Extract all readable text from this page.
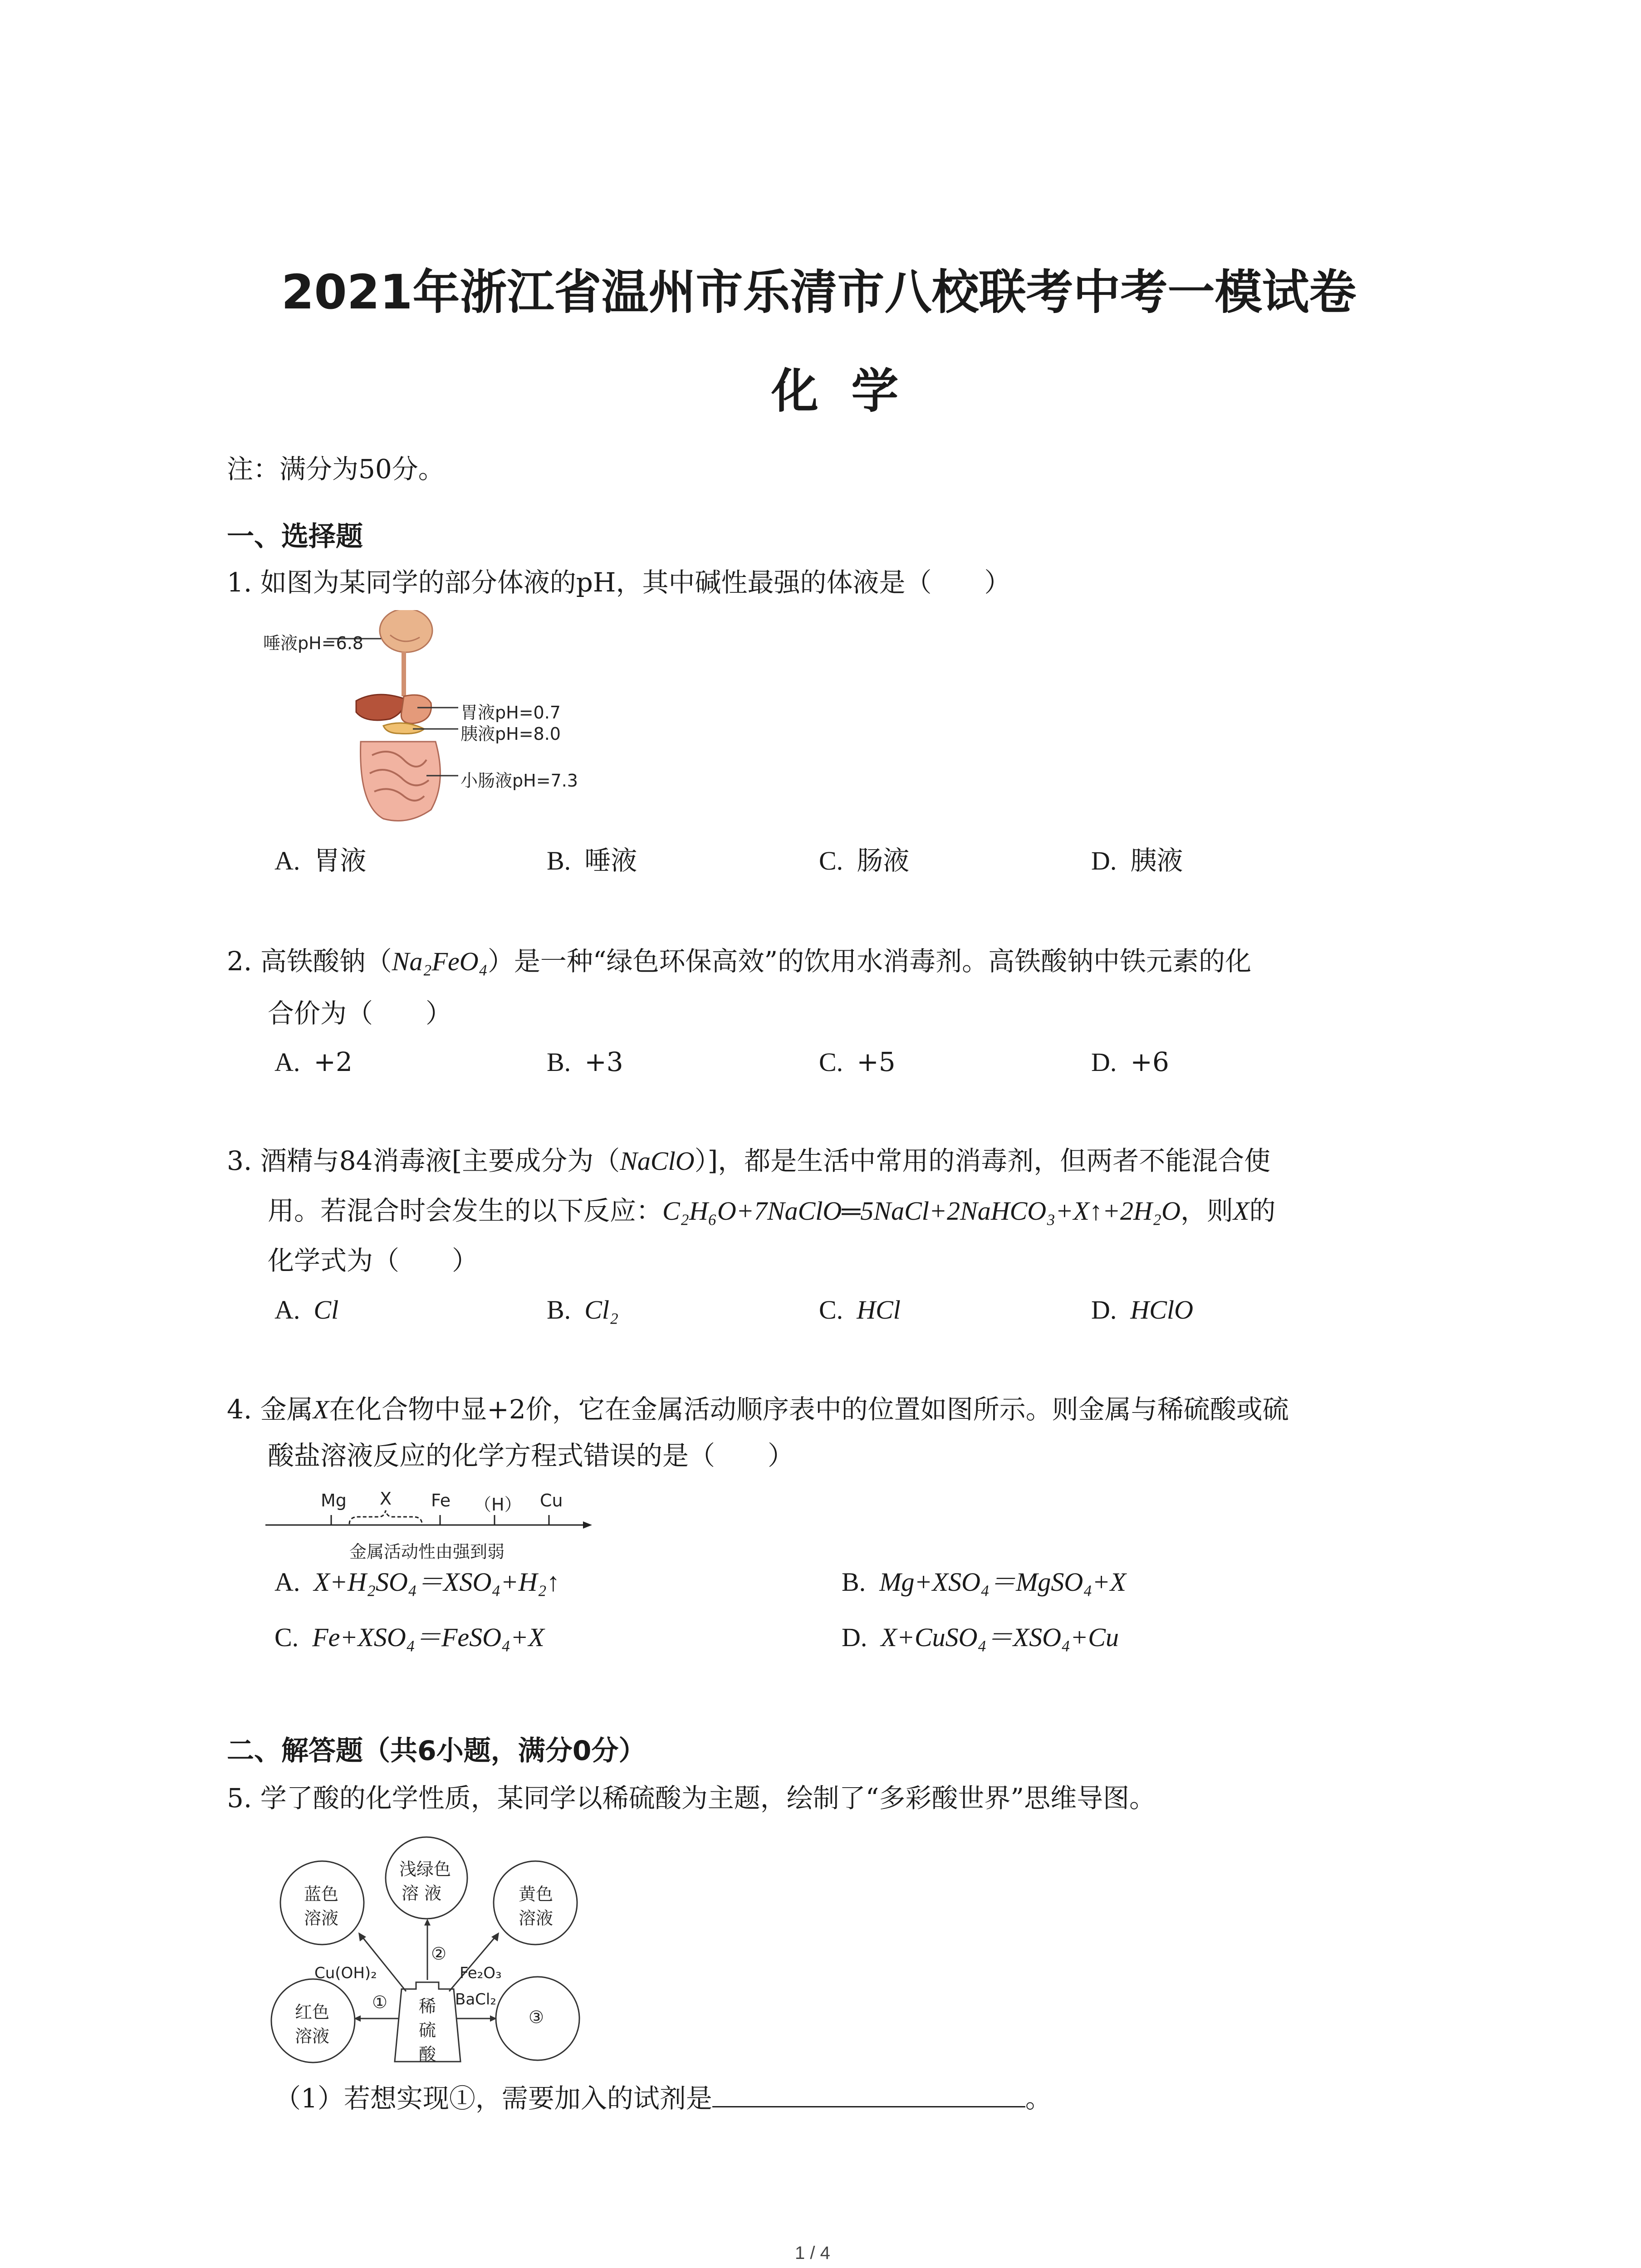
2021年浙江省温州市乐清市八校联考中考一模试卷
化  学
注：满分为50分。
一、选择题
1. 如图为某同学的部分体液的pH，其中碱性最强的体液是（　　）
唾液pH=6.8
胃液pH=0.7
胰液pH=8.0
小肠液pH=7.3
A. 胃液	B. 唾液	C. 肠液	D. 胰液
2. 高铁酸钠（Na₂FeO₄）是一种“绿色环保高效”的饮用水消毒剂。高铁酸钠中铁元素的化
合价为（　　）
A. +2	B. +3	C. +5	D. +6
3. 酒精与84消毒液[主要成分为（NaClO）]，都是生活中常用的消毒剂，但两者不能混合使
用。若混合时会发生的以下反应：C₂H₆O+7NaClO═5NaCl+2NaHCO₃+X↑+2H₂O，则X的
化学式为（　　）
A. Cl	B. Cl₂	C. HCl	D. HClO
4. 金属X在化合物中显+2价，它在金属活动顺序表中的位置如图所示。则金属与稀硫酸或硫
酸盐溶液反应的化学方程式错误的是（　　）
Mg X Fe （H） Cu
金属活动性由强到弱
A. X+H₂SO₄＝XSO₄+H₂↑	B. Mg+XSO₄＝MgSO₄+X
C. Fe+XSO₄＝FeSO₄+X	D. X+CuSO₄＝XSO₄+Cu
二、解答题（共6小题，满分0分）
5. 学了酸的化学性质，某同学以稀硫酸为主题，绘制了“多彩酸世界”思维导图。
蓝色
溶液
浅绿色
溶 液	黄色
溶液
红色
溶液
③
①
②
Cu(OH)₂	Fe₂O₃
BaCl₂
稀
硫
酸
（1）若想实现①，需要加入的试剂是	。
1 / 4
